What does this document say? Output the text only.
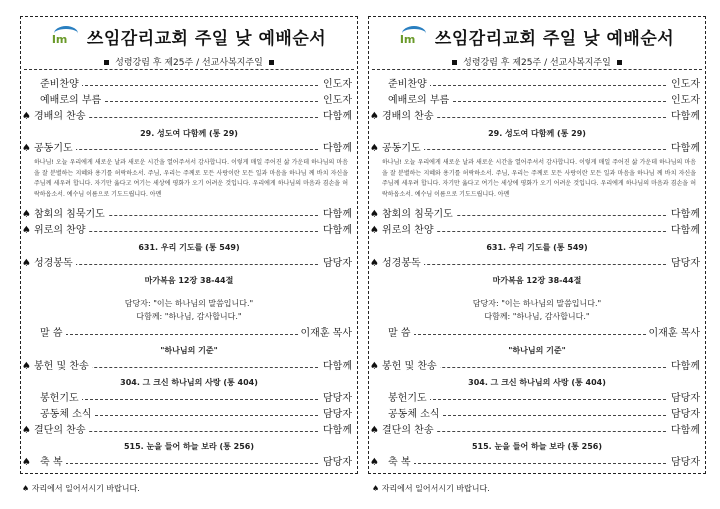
Im 쓰임감리교회 주일 낮 예배순서
성령강림 후 제25주 / 선교사복지주일
준비찬양	인도자
예배로의 부름	인도자
♠ 경배의 찬송	다함께
29. 성도여 다함께 (통 29)
♠ 공동기도	다함께
하나님! 오늘 우리에게 새로운 날과 새로운 시간을 열어주셔서 감사합니다. 이렇게 매일 주어진 삶 가운데 하나님의 마음을 잘 분별하는 지혜와 용기를 허락하소서. 주님, 우리는 주께로 모든 사랑이란 모든 일과 마음을 하나님 께 바치 자신을 주님께 세우려 합니다. 자기만 옳다고 여기는 세상에 평화가 오기 어려운 것입니다. 우리에게 하나님의 마음과 겸손을 허락하옵소서. 예수님 이름으로 기도드립니다. 아멘
♠ 참회의 침묵기도	다함께
♠ 위로의 찬양	다함께
631. 우리 기도를 (통 549)
♠ 성경봉독	담당자
마가복음 12장 38-44절
담당자: "이는 하나님의 말씀입니다."
다함께: "하나님, 감사합니다."
말 씀	이재훈 목사
"하나님의 기준"
♠ 봉헌 및 찬송	다함께
304. 그 크신 하나님의 사랑 (통 404)
봉헌기도	담당자
공동체 소식	담당자
♠ 결단의 찬송	다함께
515. 눈을 들어 하늘 보라 (통 256)
♠ 축 복	담당자
Im 쓰임감리교회 주일 낮 예배순서
성령강림 후 제25주 / 선교사복지주일
준비찬양	인도자
예배로의 부름	인도자
♠ 경배의 찬송	다함께
29. 성도여 다함께 (통 29)
♠ 공동기도	다함께
하나님! 오늘 우리에게 새로운 날과 새로운 시간을 열어주셔서 감사합니다. 이렇게 매일 주어진 삶 가운데 하나님의 마음을 잘 분별하는 지혜와 용기를 허락하소서. 주님, 우리는 주께로 모든 사랑이란 모든 일과 마음을 하나님 께 바치 자신을 주님께 세우려 합니다. 자기만 옳다고 여기는 세상에 평화가 오기 어려운 것입니다. 우리에게 하나님의 마음과 겸손을 허락하옵소서. 예수님 이름으로 기도드립니다. 아멘
♠ 참회의 침묵기도	다함께
♠ 위로의 찬양	다함께
631. 우리 기도를 (통 549)
♠ 성경봉독	담당자
마가복음 12장 38-44절
담당자: "이는 하나님의 말씀입니다."
다함께: "하나님, 감사합니다."
말 씀	이재훈 목사
"하나님의 기준"
♠ 봉헌 및 찬송	다함께
304. 그 크신 하나님의 사랑 (통 404)
봉헌기도	담당자
공동체 소식	담당자
♠ 결단의 찬송	다함께
515. 눈을 들어 하늘 보라 (통 256)
♠ 축 복	담당자
♠ 자리에서 일어서시기 바랍니다.	♠ 자리에서 일어서시기 바랍니다.
